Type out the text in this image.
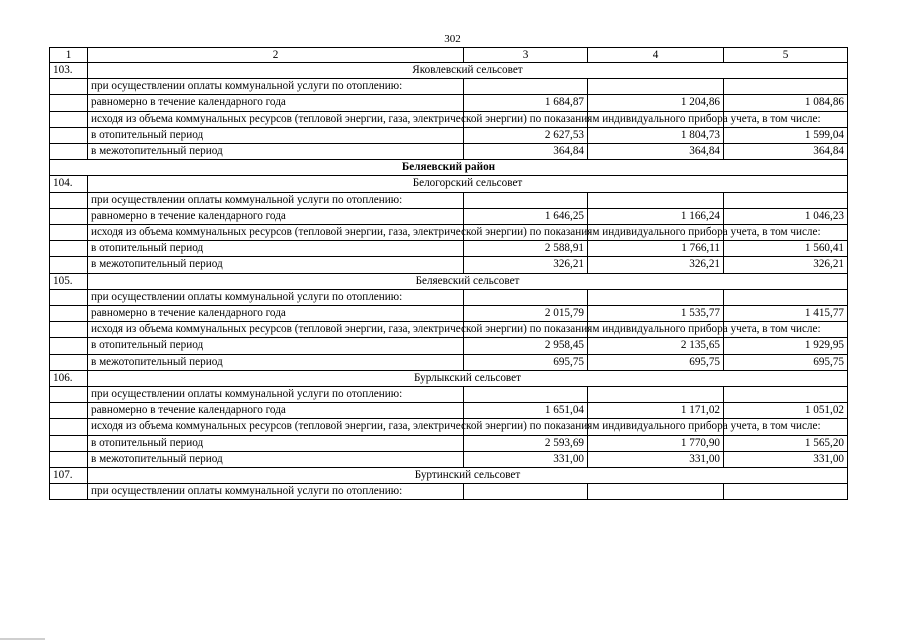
302
1	2	3	4	5
103.	Яковлевский сельсовет			
	при осуществлении оплаты коммунальной услуги по отоплению:			
	равномерно в течение календарного года	1 684,87	1 204,86	1 084,86
	исходя из объема коммунальных ресурсов (тепловой энергии, газа, электрической энергии) по показаниям индивидуального прибора учета, в том числе:			
	в отопительный период	2 627,53	1 804,73	1 599,04
	в межотопительный период	364,84	364,84	364,84
Беляевский район				
104.	Белогорский сельсовет			
	при осуществлении оплаты коммунальной услуги по отоплению:			
	равномерно в течение календарного года	1 646,25	1 166,24	1 046,23
	исходя из объема коммунальных ресурсов (тепловой энергии, газа, электрической энергии) по показаниям индивидуального прибора учета, в том числе:			
	в отопительный период	2 588,91	1 766,11	1 560,41
	в межотопительный период	326,21	326,21	326,21
105.	Беляевский сельсовет			
	при осуществлении оплаты коммунальной услуги по отоплению:			
	равномерно в течение календарного года	2 015,79	1 535,77	1 415,77
	исходя из объема коммунальных ресурсов (тепловой энергии, газа, электрической энергии) по показаниям индивидуального прибора учета, в том числе:			
	в отопительный период	2 958,45	2 135,65	1 929,95
	в межотопительный период	695,75	695,75	695,75
106.	Бурлыкский сельсовет			
	при осуществлении оплаты коммунальной услуги по отоплению:			
	равномерно в течение календарного года	1 651,04	1 171,02	1 051,02
	исходя из объема коммунальных ресурсов (тепловой энергии, газа, электрической энергии) по показаниям индивидуального прибора учета, в том числе:			
	в отопительный период	2 593,69	1 770,90	1 565,20
	в межотопительный период	331,00	331,00	331,00
107.	Буртинский сельсовет			
	при осуществлении оплаты коммунальной услуги по отоплению:			
